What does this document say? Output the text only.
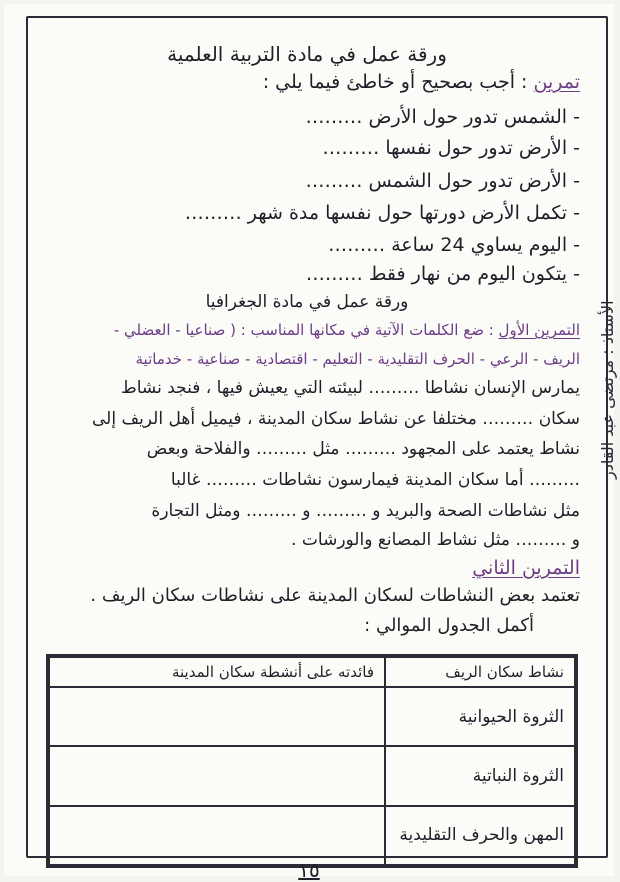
ورقة عمل في مادة التربية العلمية
تمرين : أجب بصحيح أو خاطئ فيما يلي :
- الشمس تدور حول الأرض ………
- الأرض تدور حول نفسها ………
- الأرض تدور حول الشمس ………
- تكمل الأرض دورتها حول نفسها مدة شهر ………
- اليوم يساوي 24 ساعة ………
- يتكون اليوم من نهار فقط ………
ورقة عمل في مادة الجغرافيا
التمرين الأول : ضع الكلمات الآتية في مكانها المناسب : ( صناعيا - العضلي -
الريف - الرعي - الحرف التقليدية - التعليم - اقتصادية - صناعية - خدماتية
يمارس الإنسان نشاطا ……… لبيئته التي يعيش فيها ، فنجد نشاط
سكان ……… مختلفا عن نشاط سكان المدينة ، فيميل أهل الريف إلى
نشاط يعتمد على المجهود ……… مثل ……… والفلاحة وبعض
……… أما سكان المدينة فيمارسون نشاطات ……… غالبا
مثل نشاطات الصحة والبريد و ……… و ……… ومثل التجارة
و ……… مثل نشاط المصانع والورشات .
التمرين الثاني
تعتمد بعض النشاطات لسكان المدينة على نشاطات سكان الريف .
أكمل الجدول الموالي :
نشاط سكان الريف	فائدته على أنشطة سكان المدينة
الثروة الحيوانية	
الثروة النباتية	
المهن والحرف التقليدية	
١٥
الأستاذ : مرتضى عبد القادر
